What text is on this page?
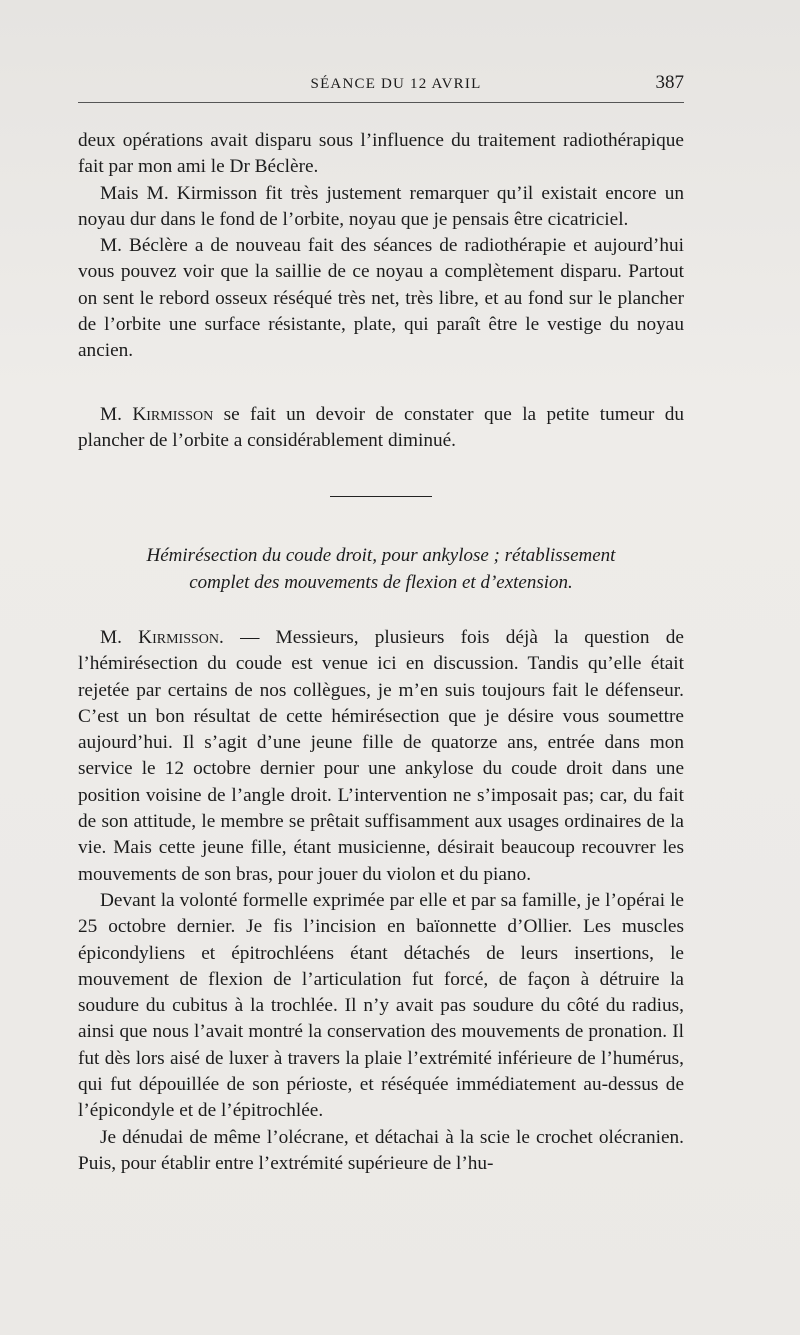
SÉANCE DU 12 AVRIL	387

deux opérations avait disparu sous l’influence du traitement radiothérapique fait par mon ami le Dr Béclère.

Mais M. Kirmisson fit très justement remarquer qu’il existait encore un noyau dur dans le fond de l’orbite, noyau que je pensais être cicatriciel.

M. Béclère a de nouveau fait des séances de radiothérapie et aujourd’hui vous pouvez voir que la saillie de ce noyau a complètement disparu. Partout on sent le rebord osseux réséqué très net, très libre, et au fond sur le plancher de l’orbite une surface résistante, plate, qui paraît être le vestige du noyau ancien.

M. Kirmisson se fait un devoir de constater que la petite tumeur du plancher de l’orbite a considérablement diminué.

Hémirésection du coude droit, pour ankylose ; rétablissement
complet des mouvements de flexion et d’extension.

M. Kirmisson. — Messieurs, plusieurs fois déjà la question de l’hémirésection du coude est venue ici en discussion. Tandis qu’elle était rejetée par certains de nos collègues, je m’en suis toujours fait le défenseur. C’est un bon résultat de cette hémirésection que je désire vous soumettre aujourd’hui. Il s’agit d’une jeune fille de quatorze ans, entrée dans mon service le 12 octobre dernier pour une ankylose du coude droit dans une position voisine de l’angle droit. L’intervention ne s’imposait pas; car, du fait de son attitude, le membre se prêtait suffisamment aux usages ordinaires de la vie. Mais cette jeune fille, étant musicienne, désirait beaucoup recouvrer les mouvements de son bras, pour jouer du violon et du piano.

Devant la volonté formelle exprimée par elle et par sa famille, je l’opérai le 25 octobre dernier. Je fis l’incision en baïonnette d’Ollier. Les muscles épicondyliens et épitrochléens étant détachés de leurs insertions, le mouvement de flexion de l’articulation fut forcé, de façon à détruire la soudure du cubitus à la trochlée. Il n’y avait pas soudure du côté du radius, ainsi que nous l’avait montré la conservation des mouvements de pronation. Il fut dès lors aisé de luxer à travers la plaie l’extrémité inférieure de l’humérus, qui fut dépouillée de son périoste, et réséquée immédiatement au-dessus de l’épicondyle et de l’épitrochlée.

Je dénudai de même l’olécrane, et détachai à la scie le crochet olécranien. Puis, pour établir entre l’extrémité supérieure de l’hu-
